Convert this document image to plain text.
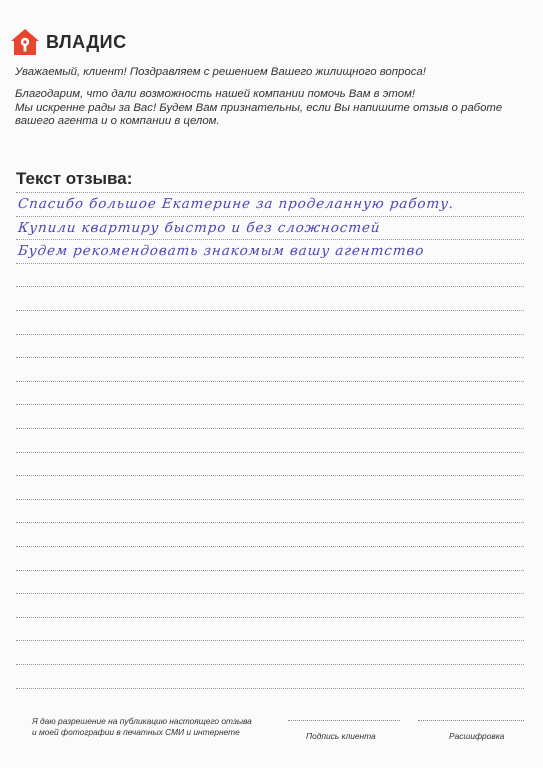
ВЛАДИС
Уважаемый, клиент! Поздравляем с решением Вашего жилищного вопроса!
Благодарим, что дали возможность нашей компании помочь Вам в этом!
Мы искренне рады за Вас! Будем Вам признательны, если Вы напишите отзыв о работе
вашего агента и о компании в целом.
Текст отзыва:
Спасибо большое Екатерине за проделанную работу.
Купили квартиру быстро и без сложностей
Будем рекомендовать знакомым вашу агентство
Я даю разрешение на публикацию настоящего отзыва
и моей фотографии в печатных СМИ и интернете	Подпись клиента	Расшифровка
